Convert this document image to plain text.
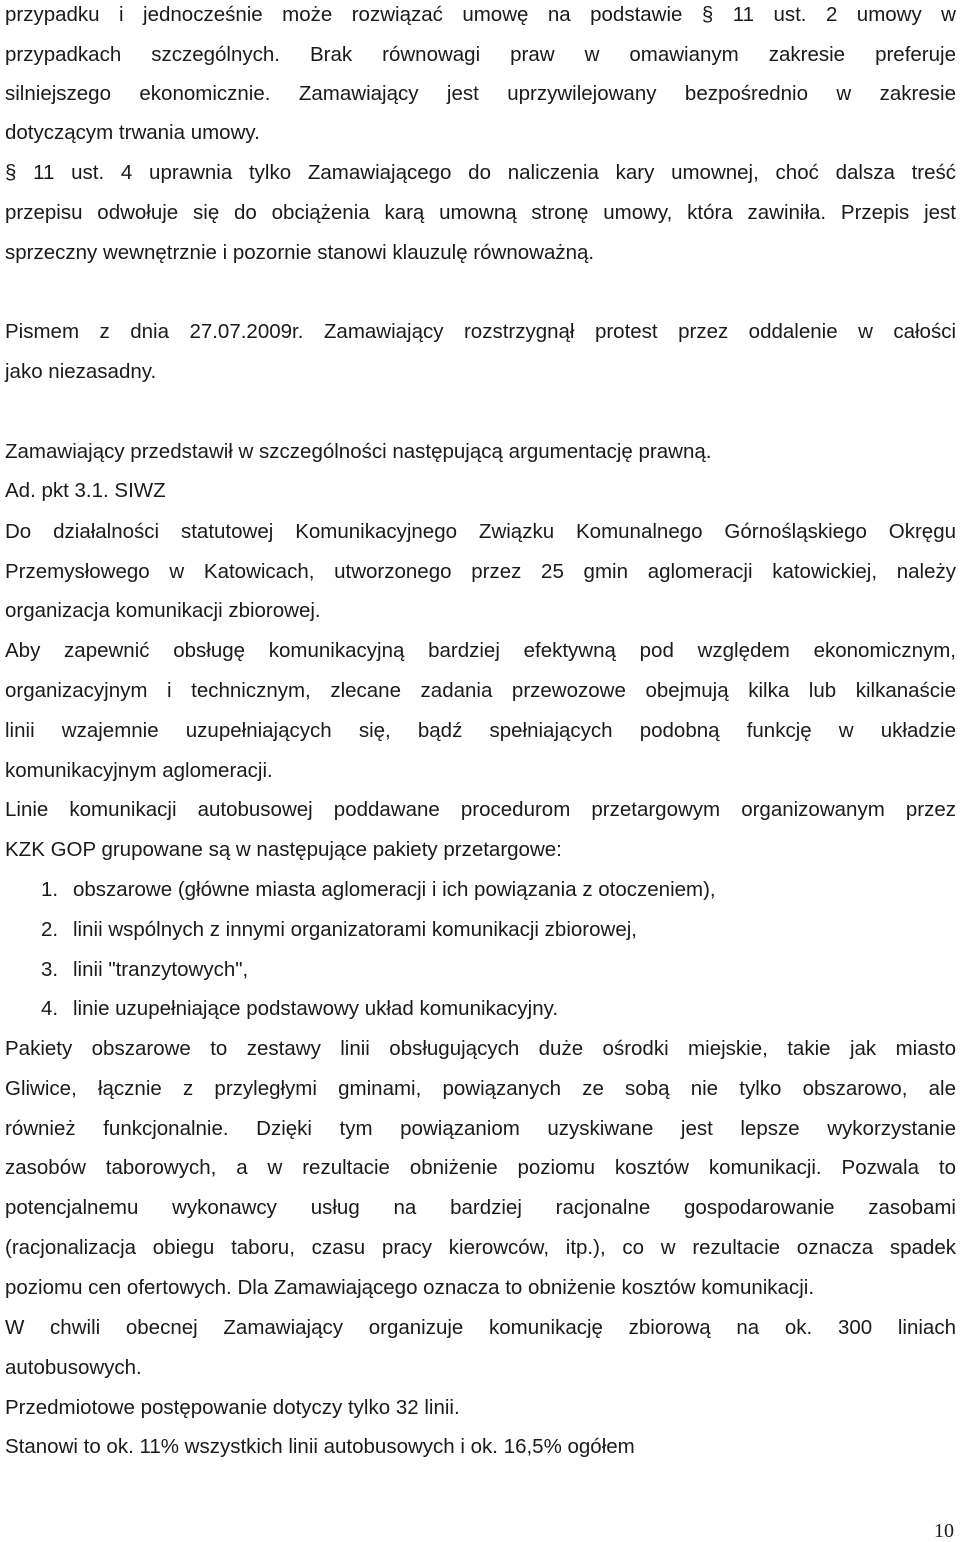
przypadku i jednocześnie może rozwiązać umowę na podstawie § 11 ust. 2 umowy w
przypadkach szczególnych. Brak równowagi praw w omawianym zakresie preferuje
silniejszego ekonomicznie. Zamawiający jest uprzywilejowany bezpośrednio w zakresie
dotyczącym trwania umowy.
§ 11 ust. 4 uprawnia tylko Zamawiającego do naliczenia kary umownej, choć dalsza treść
przepisu odwołuje się do obciążenia karą umowną stronę umowy, która zawiniła. Przepis jest
sprzeczny wewnętrznie i pozornie stanowi klauzulę równoważną.
Pismem z dnia 27.07.2009r. Zamawiający rozstrzygnął protest przez oddalenie w całości
jako niezasadny.
Zamawiający przedstawił w szczególności następującą argumentację prawną.
Ad. pkt 3.1. SIWZ
Do działalności statutowej Komunikacyjnego Związku Komunalnego Górnośląskiego Okręgu
Przemysłowego w Katowicach, utworzonego przez 25 gmin aglomeracji katowickiej, należy
organizacja komunikacji zbiorowej.
Aby zapewnić obsługę komunikacyjną bardziej efektywną pod względem ekonomicznym,
organizacyjnym i technicznym, zlecane zadania przewozowe obejmują kilka lub kilkanaście
linii wzajemnie uzupełniających się, bądź spełniających podobną funkcję w układzie
komunikacyjnym aglomeracji.
Linie komunikacji autobusowej poddawane procedurom przetargowym organizowanym przez
KZK GOP grupowane są w następujące pakiety przetargowe:
1. obszarowe (główne miasta aglomeracji i ich powiązania z otoczeniem),
2. linii wspólnych z innymi organizatorami komunikacji zbiorowej,
3. linii "tranzytowych",
4. linie uzupełniające podstawowy układ komunikacyjny.
Pakiety obszarowe to zestawy linii obsługujących duże ośrodki miejskie, takie jak miasto
Gliwice, łącznie z przyległymi gminami, powiązanych ze sobą nie tylko obszarowo, ale
również funkcjonalnie. Dzięki tym powiązaniom uzyskiwane jest lepsze wykorzystanie
zasobów taborowych, a w rezultacie obniżenie poziomu kosztów komunikacji. Pozwala to
potencjalnemu wykonawcy usług na bardziej racjonalne gospodarowanie zasobami
(racjonalizacja obiegu taboru, czasu pracy kierowców, itp.), co w rezultacie oznacza spadek
poziomu cen ofertowych. Dla Zamawiającego oznacza to obniżenie kosztów komunikacji.
W chwili obecnej Zamawiający organizuje komunikację zbiorową na ok. 300 liniach
autobusowych.
Przedmiotowe postępowanie dotyczy tylko 32 linii.
Stanowi to ok. 11% wszystkich linii autobusowych i ok. 16,5% ogółem
10
